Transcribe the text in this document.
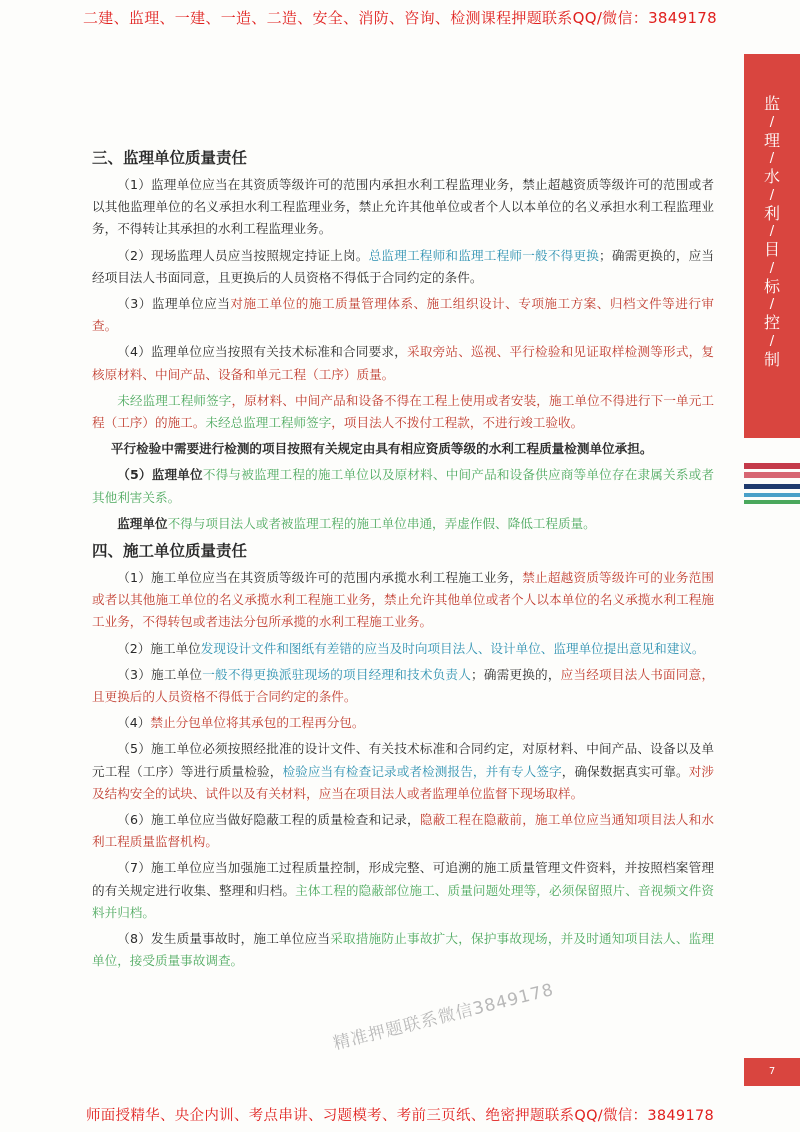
二建、监理、一建、一造、二造、安全、消防、咨询、检测课程押题联系QQ/微信：3849178
监
/
理
/
水
/
利
/
目
/
标
/
控
/
制
三、监理单位质量责任

（1）监理单位应当在其资质等级许可的范围内承担水利工程监理业务，禁止超越资质等级许可的范围或者以其他监理单位的名义承担水利工程监理业务，禁止允许其他单位或者个人以本单位的名义承担水利工程监理业务，不得转让其承担的水利工程监理业务。

（2）现场监理人员应当按照规定持证上岗。总监理工程师和监理工程师一般不得更换；确需更换的，应当经项目法人书面同意，且更换后的人员资格不得低于合同约定的条件。

（3）监理单位应当对施工单位的施工质量管理体系、施工组织设计、专项施工方案、归档文件等进行审查。

（4）监理单位应当按照有关技术标准和合同要求，采取旁站、巡视、平行检验和见证取样检测等形式，复核原材料、中间产品、设备和单元工程（工序）质量。

未经监理工程师签字，原材料、中间产品和设备不得在工程上使用或者安装，施工单位不得进行下一单元工程（工序）的施工。未经总监理工程师签字，项目法人不拨付工程款，不进行竣工验收。

平行检验中需要进行检测的项目按照有关规定由具有相应资质等级的水利工程质量检测单位承担。

（5）监理单位不得与被监理工程的施工单位以及原材料、中间产品和设备供应商等单位存在隶属关系或者其他利害关系。

监理单位不得与项目法人或者被监理工程的施工单位串通，弄虚作假、降低工程质量。

四、施工单位质量责任

（1）施工单位应当在其资质等级许可的范围内承揽水利工程施工业务，禁止超越资质等级许可的业务范围或者以其他施工单位的名义承揽水利工程施工业务，禁止允许其他单位或者个人以本单位的名义承揽水利工程施工业务，不得转包或者违法分包所承揽的水利工程施工业务。

（2）施工单位发现设计文件和图纸有差错的应当及时向项目法人、设计单位、监理单位提出意见和建议。

（3）施工单位一般不得更换派驻现场的项目经理和技术负责人；确需更换的，应当经项目法人书面同意，且更换后的人员资格不得低于合同约定的条件。

（4）禁止分包单位将其承包的工程再分包。

（5）施工单位必须按照经批准的设计文件、有关技术标准和合同约定，对原材料、中间产品、设备以及单元工程（工序）等进行质量检验，检验应当有检查记录或者检测报告，并有专人签字，确保数据真实可靠。对涉及结构安全的试块、试件以及有关材料，应当在项目法人或者监理单位监督下现场取样。

（6）施工单位应当做好隐蔽工程的质量检查和记录，隐蔽工程在隐蔽前，施工单位应当通知项目法人和水利工程质量监督机构。

（7）施工单位应当加强施工过程质量控制，形成完整、可追溯的施工质量管理文件资料，并按照档案管理的有关规定进行收集、整理和归档。主体工程的隐蔽部位施工、质量问题处理等，必须保留照片、音视频文件资料并归档。

（8）发生质量事故时，施工单位应当采取措施防止事故扩大，保护事故现场，并及时通知项目法人、监理单位，接受质量事故调查。

精准押题联系微信3849178
7
师面授精华、央企内训、考点串讲、习题模考、考前三页纸、绝密押题联系QQ/微信：3849178
